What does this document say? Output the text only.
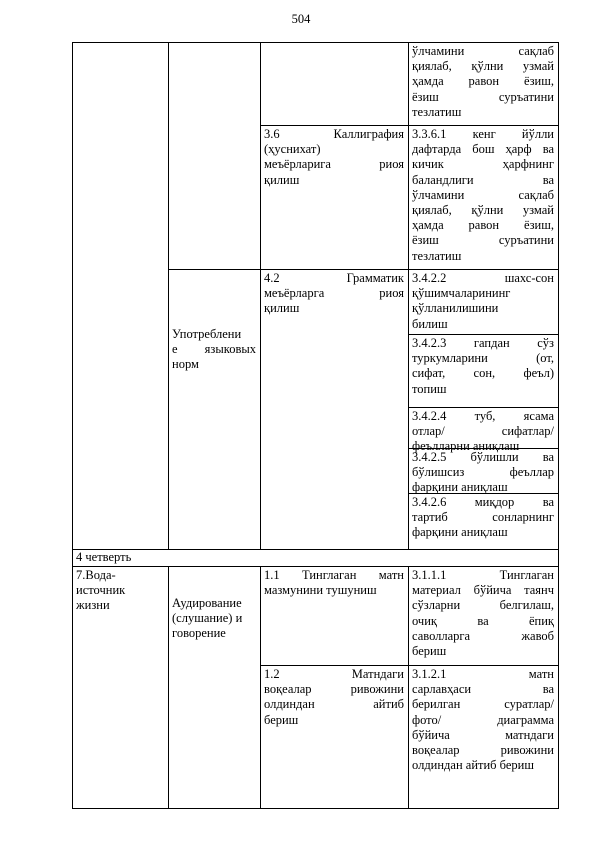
504
ўлчамини сақлаб
қиялаб, қўлни узмай
ҳамда равон ёзиш,
ёзиш суръатини
тезлатиш
3.6 Каллиграфия
(ҳуснихат)
меъёрларига риоя
қилиш
3.3.6.1 кенг йўлли
дафтарда бош ҳарф ва
кичик ҳарфнинг
баландлиги ва
ўлчамини сақлаб
қиялаб, қўлни узмай
ҳамда равон ёзиш,
ёзиш суръатини
тезлатиш
Употреблени
е языковых
норм
4.2 Грамматик
меъёрларга риоя
қилиш
3.4.2.2 шахс-сон
қўшимчаларининг
қўлланилишини
билиш
3.4.2.3 гапдан сўз
туркумларини (от,
сифат, сон, феъл)
топиш
3.4.2.4 туб, ясама
отлар/ сифатлар/
феълларни аниқлаш
3.4.2.5 бўлишли ва
бўлишсиз феъллар
фарқини аниқлаш
3.4.2.6 миқдор ва
тартиб сонларнинг
фарқини аниқлаш
4 четверть
7.Вода-
источник
жизни	Аудирование
(слушание) и
говорение
1.1 Тинглаган матн
мазмунини тушуниш
3.1.1.1 Тинглаган
материал бўйича таянч
сўзларни белгилаш,
очиқ ва ёпиқ
саволларга жавоб
бериш
1.2 Матндаги
воқеалар ривожини
олдиндан айтиб
бериш
3.1.2.1 матн
сарлавҳаси ва
берилган суратлар/
фото/ диаграмма
бўйича матндаги
воқеалар ривожини
олдиндан айтиб бериш
